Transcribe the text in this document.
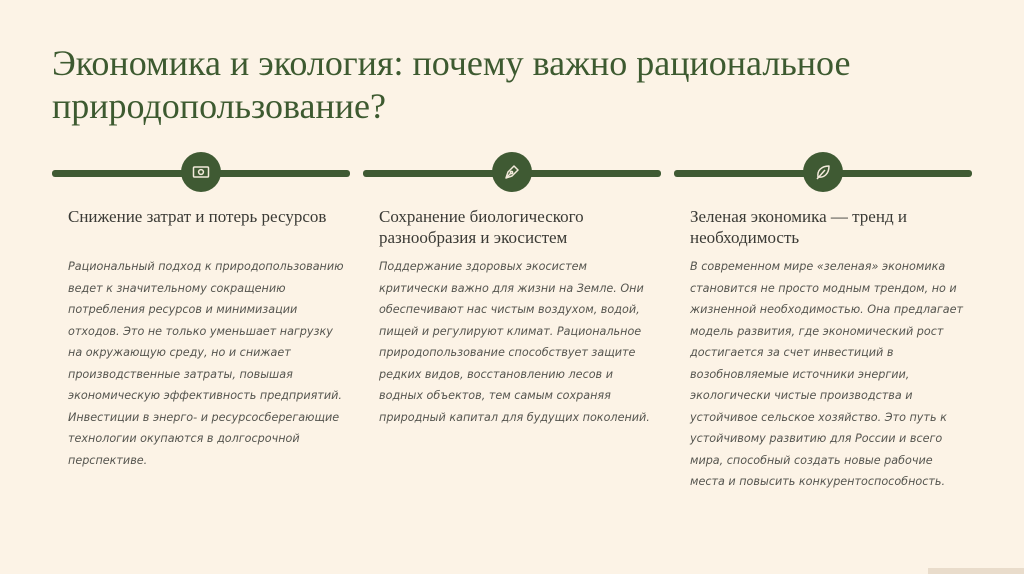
Экономика и экология: почему важно рациональное природопользование?
Снижение затрат и потерь ресурсов

Рациональный подход к природопользованию ведет к значительному сокращению потребления ресурсов и минимизации отходов. Это не только уменьшает нагрузку на окружающую среду, но и снижает производственные затраты, повышая экономическую эффективность предприятий. Инвестиции в энерго- и ресурсосберегающие технологии окупаются в долгосрочной перспективе.

Сохранение биологического разнообразия и экосистем

Поддержание здоровых экосистем критически важно для жизни на Земле. Они обеспечивают нас чистым воздухом, водой, пищей и регулируют климат. Рациональное природопользование способствует защите редких видов, восстановлению лесов и водных объектов, тем самым сохраняя природный капитал для будущих поколений.

Зеленая экономика — тренд и необходимость

В современном мире «зеленая» экономика становится не просто модным трендом, но и жизненной необходимостью. Она предлагает модель развития, где экономический рост достигается за счет инвестиций в возобновляемые источники энергии, экологически чистые производства и устойчивое сельское хозяйство. Это путь к устойчивому развитию для России и всего мира, способный создать новые рабочие места и повысить конкурентоспособность.
